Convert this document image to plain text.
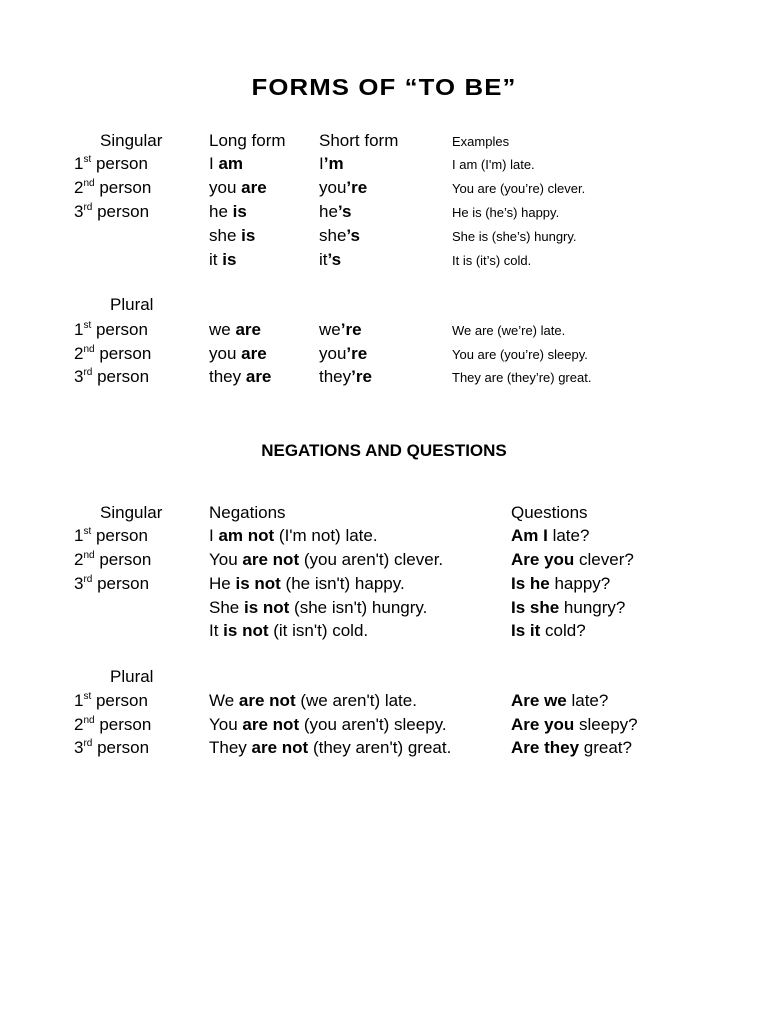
FORMS OF “TO BE”
Singular	Long form Short form	Examples
1st person	I am	I’m	I am (I'm) late.
2nd person	you are	you’re	You are (you’re) clever.
3rd person	he is	he’s	He is (he’s) happy.
she is	she’s	She is (she’s) hungry.
it is	it’s	It is (it’s) cold.
Plural
1st person	we are	we’re	We are (we’re) late.
2nd person	you are	you’re	You are (you’re) sleepy.
3rd person	they are	they’re	They are (they’re) great.
NEGATIONS AND QUESTIONS
Singular	Negations	Questions
1st person	I am not (I'm not) late.	Am I late?
2nd person	You are not (you aren't) clever.	Are you clever?
3rd person	He is not (he isn't) happy.	Is he happy?
She is not (she isn't) hungry.	Is she hungry?
It is not (it isn't) cold.	Is it cold?
Plural
1st person	We are not (we aren't) late.	Are we late?
2nd person	You are not (you aren't) sleepy.	Are you sleepy?
3rd person	They are not (they aren't) great.	Are they great?
